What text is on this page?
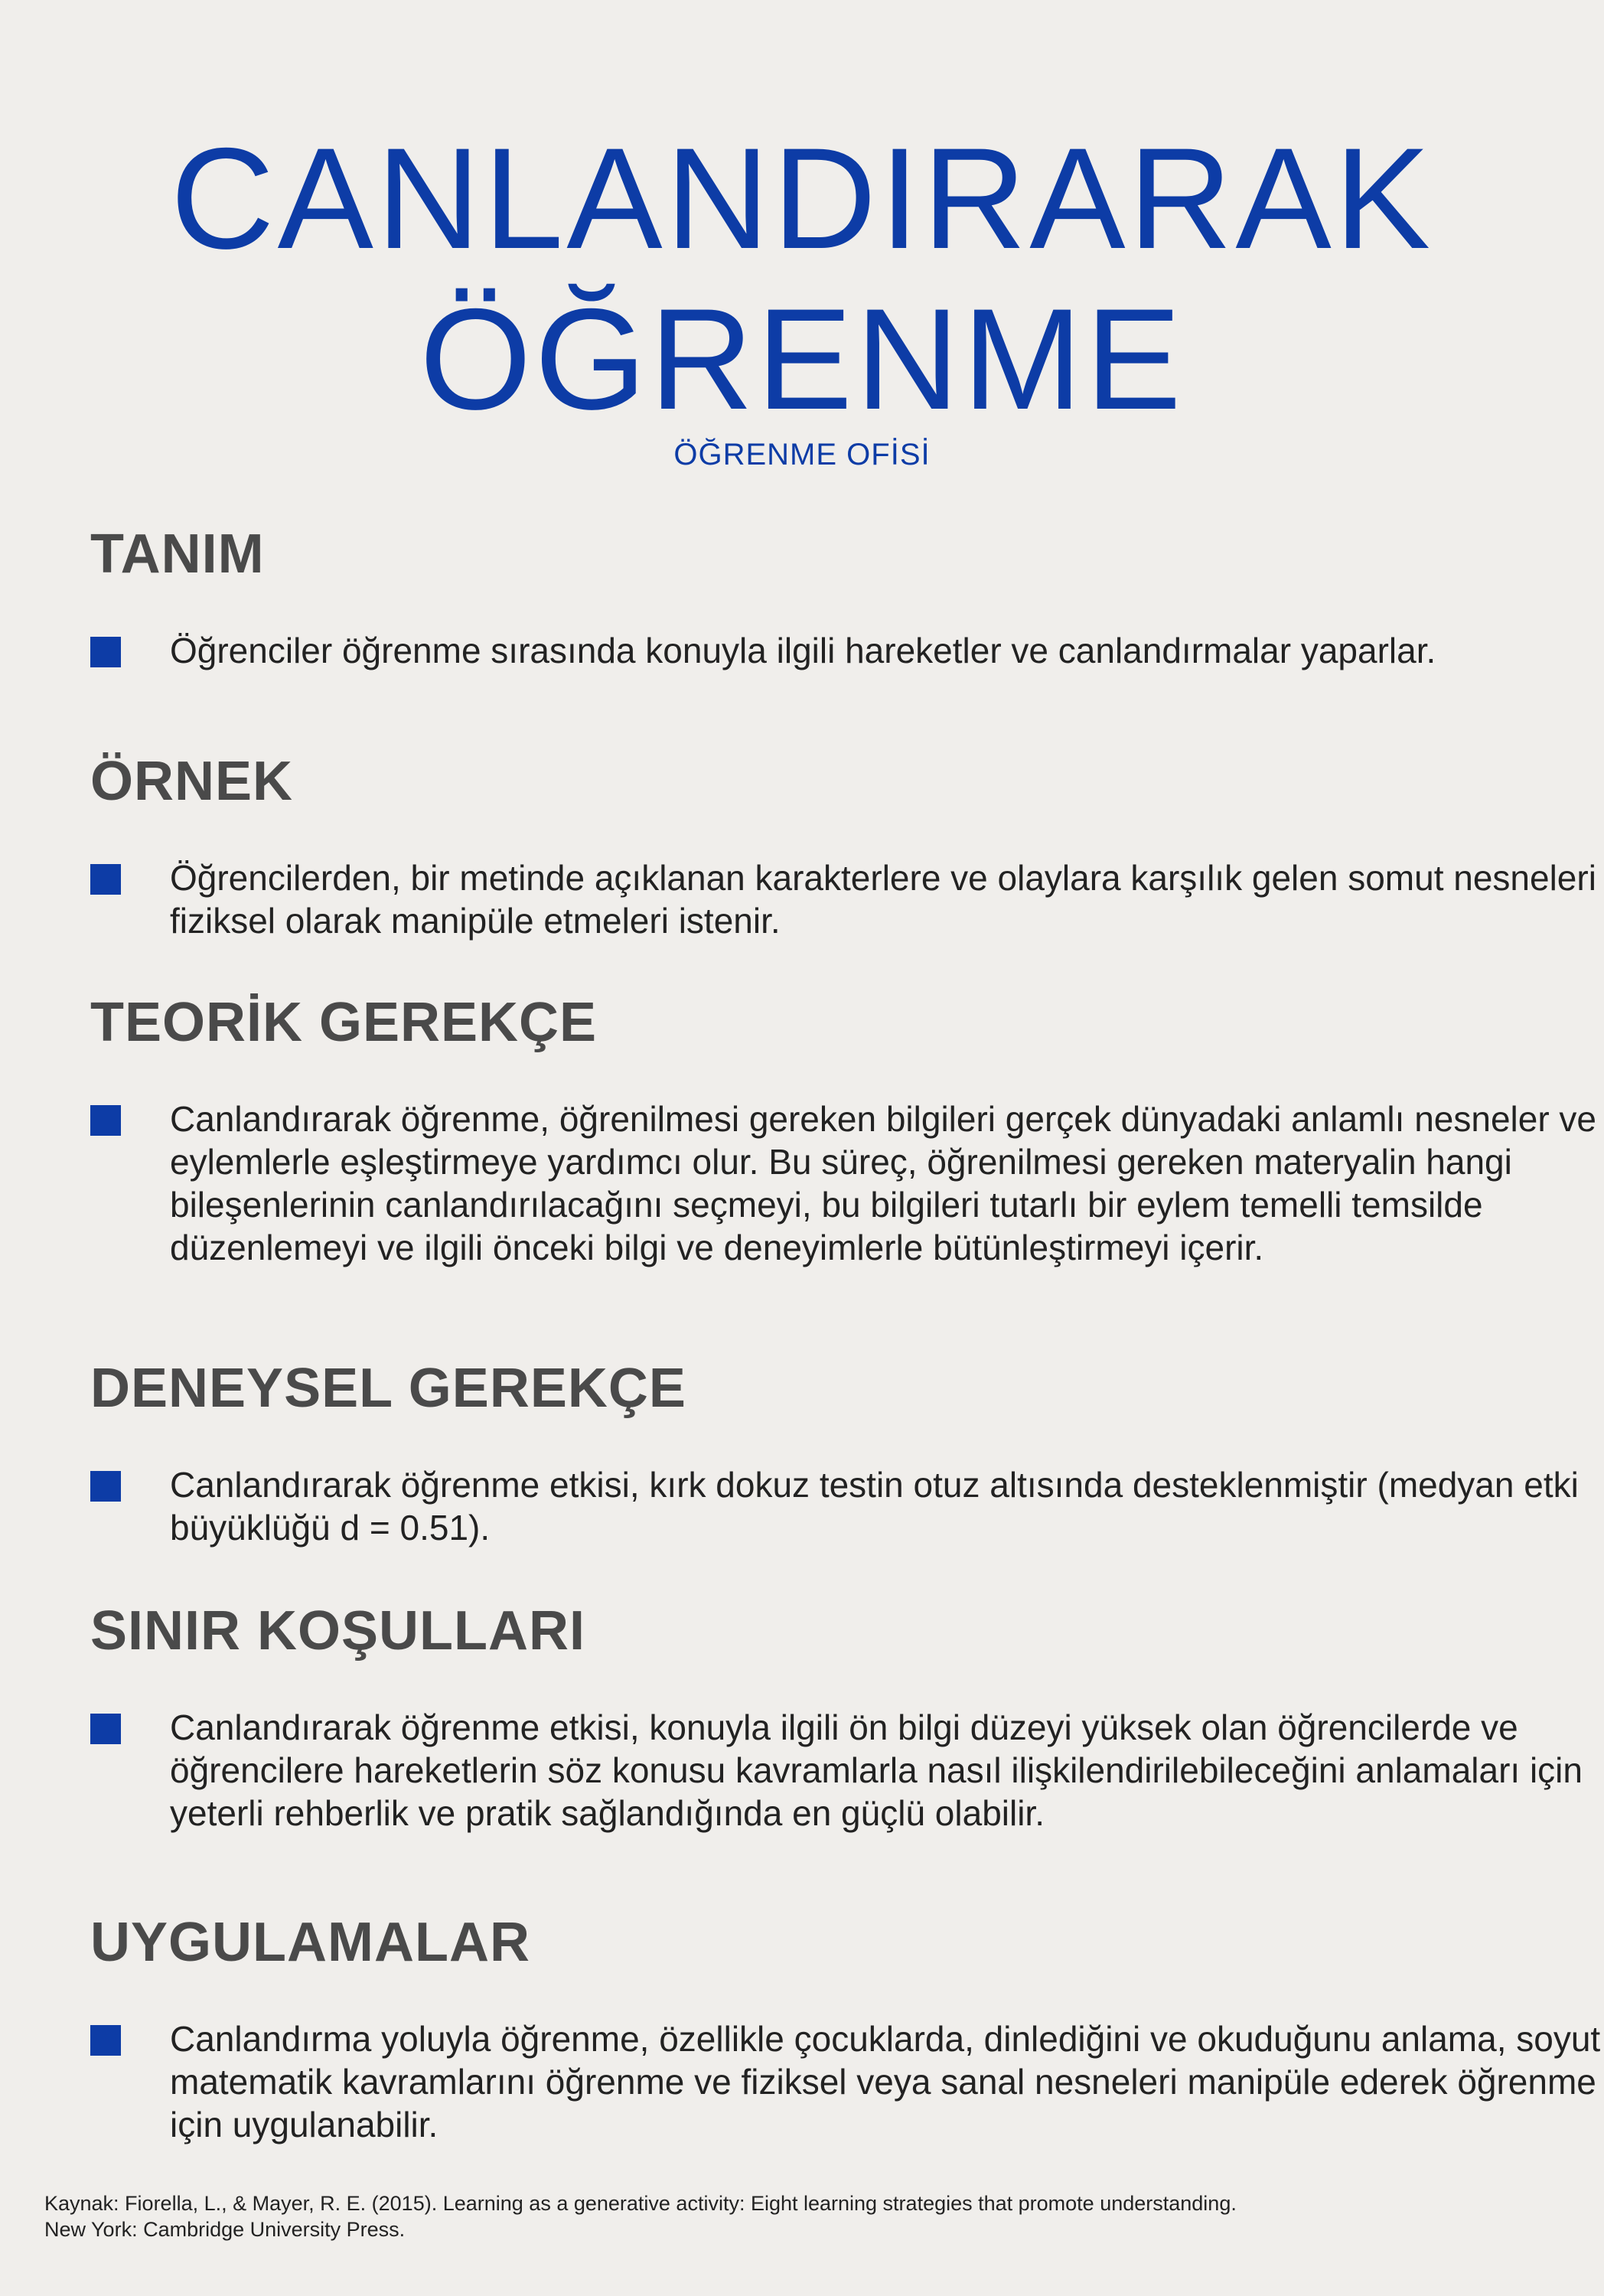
CANLANDIRARAK
ÖĞRENME
ÖĞRENME OFİSİ
TANIM
Öğrenciler öğrenme sırasında konuyla ilgili hareketler ve canlandırmalar yaparlar.
ÖRNEK
Öğrencilerden, bir metinde açıklanan karakterlere ve olaylara karşılık gelen somut nesneleri fiziksel olarak manipüle etmeleri istenir.
TEORİK GEREKÇE
Canlandırarak öğrenme, öğrenilmesi gereken bilgileri gerçek dünyadaki anlamlı nesneler ve eylemlerle eşleştirmeye yardımcı olur. Bu süreç, öğrenilmesi gereken materyalin hangi bileşenlerinin canlandırılacağını seçmeyi, bu bilgileri tutarlı bir eylem temelli temsilde düzenlemeyi ve ilgili önceki bilgi ve deneyimlerle bütünleştirmeyi içerir.
DENEYSEL GEREKÇE
Canlandırarak öğrenme etkisi, kırk dokuz testin otuz altısında desteklenmiştir (medyan etki büyüklüğü d = 0.51).
SINIR KOŞULLARI
Canlandırarak öğrenme etkisi, konuyla ilgili ön bilgi düzeyi yüksek olan öğrencilerde ve öğrencilere hareketlerin söz konusu kavramlarla nasıl ilişkilendirilebileceğini anlamaları için yeterli rehberlik ve pratik sağlandığında en güçlü olabilir.
UYGULAMALAR
Canlandırma yoluyla öğrenme, özellikle çocuklarda, dinlediğini ve okuduğunu anlama, soyut matematik kavramlarını öğrenme ve fiziksel veya sanal nesneleri manipüle ederek öğrenme için uygulanabilir.
Kaynak: Fiorella, L., & Mayer, R. E. (2015). Learning as a generative activity: Eight learning strategies that promote understanding.
New York: Cambridge University Press.
